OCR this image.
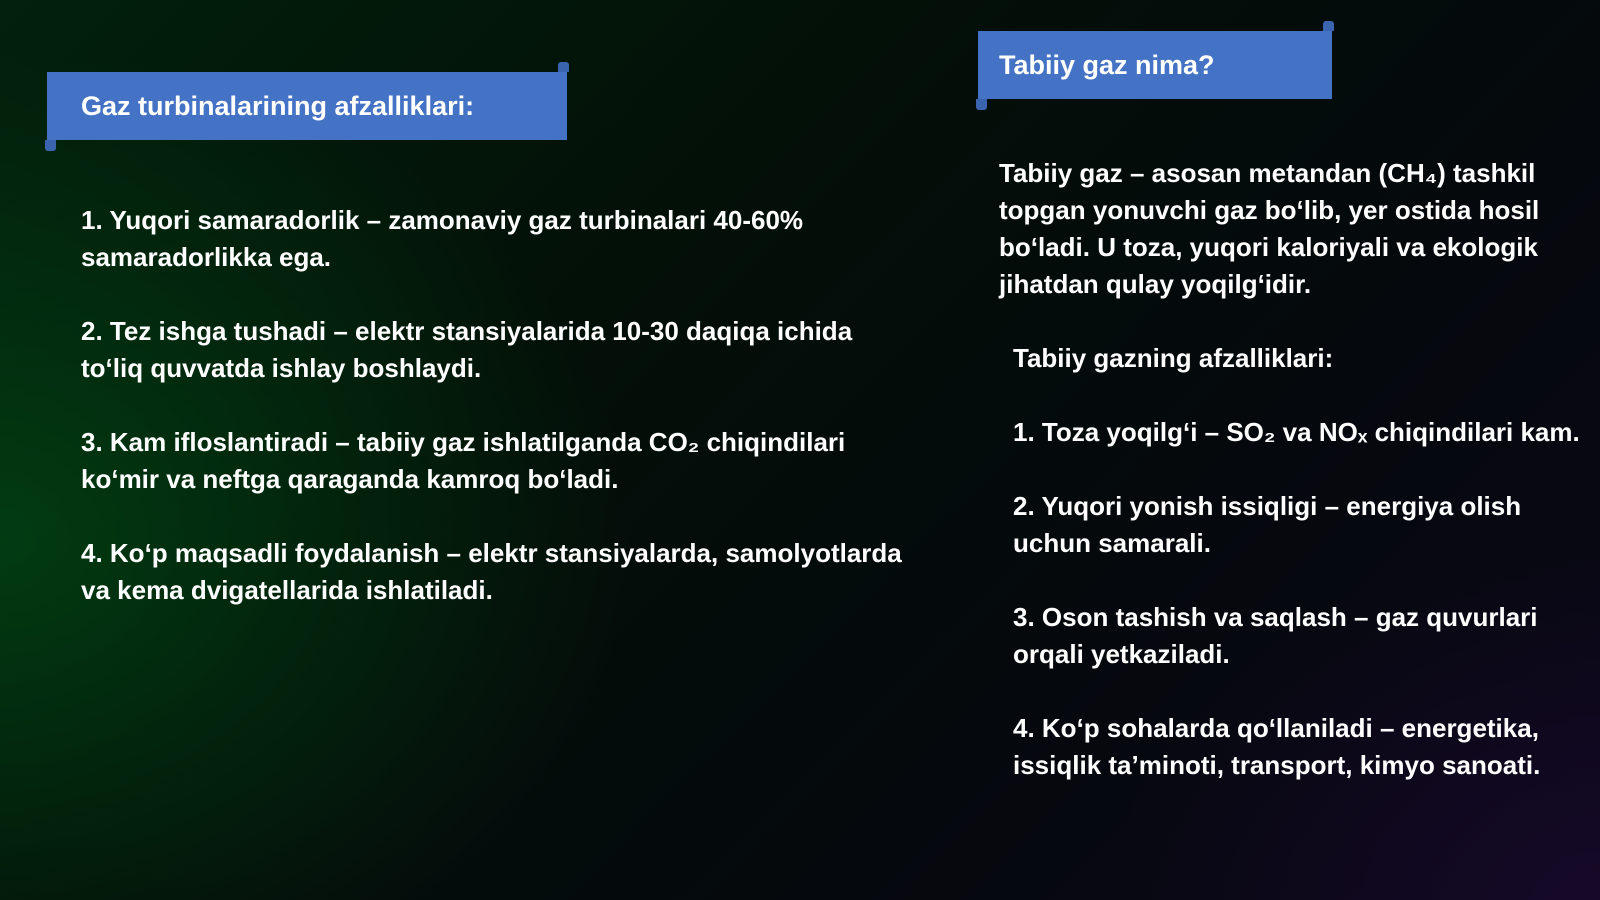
Gaz turbinalarining afzalliklari:

1. Yuqori samaradorlik – zamonaviy gaz turbinalari 40-60% samaradorlikka ega.

2. Tez ishga tushadi – elektr stansiyalarida 10-30 daqiqa ichida to‘liq quvvatda ishlay boshlaydi.

3. Kam ifloslantiradi – tabiiy gaz ishlatilganda CO₂ chiqindilari ko‘mir va neftga qaraganda kamroq bo‘ladi.

4. Ko‘p maqsadli foydalanish – elektr stansiyalarda, samolyotlarda va kema dvigatellarida ishlatiladi.

Tabiiy gaz nima?

Tabiiy gaz – asosan metandan (CH₄) tashkil topgan yonuvchi gaz bo‘lib, yer ostida hosil bo‘ladi. U toza, yuqori kaloriyali va ekologik jihatdan qulay yoqilg‘idir.

Tabiiy gazning afzalliklari:

1. Toza yoqilg‘i – SO₂ va NOₓ chiqindilari kam.

2. Yuqori yonish issiqligi – energiya olish uchun samarali.

3. Oson tashish va saqlash – gaz quvurlari orqali yetkaziladi.

4. Ko‘p sohalarda qo‘llaniladi – energetika, issiqlik ta’minoti, transport, kimyo sanoati.
